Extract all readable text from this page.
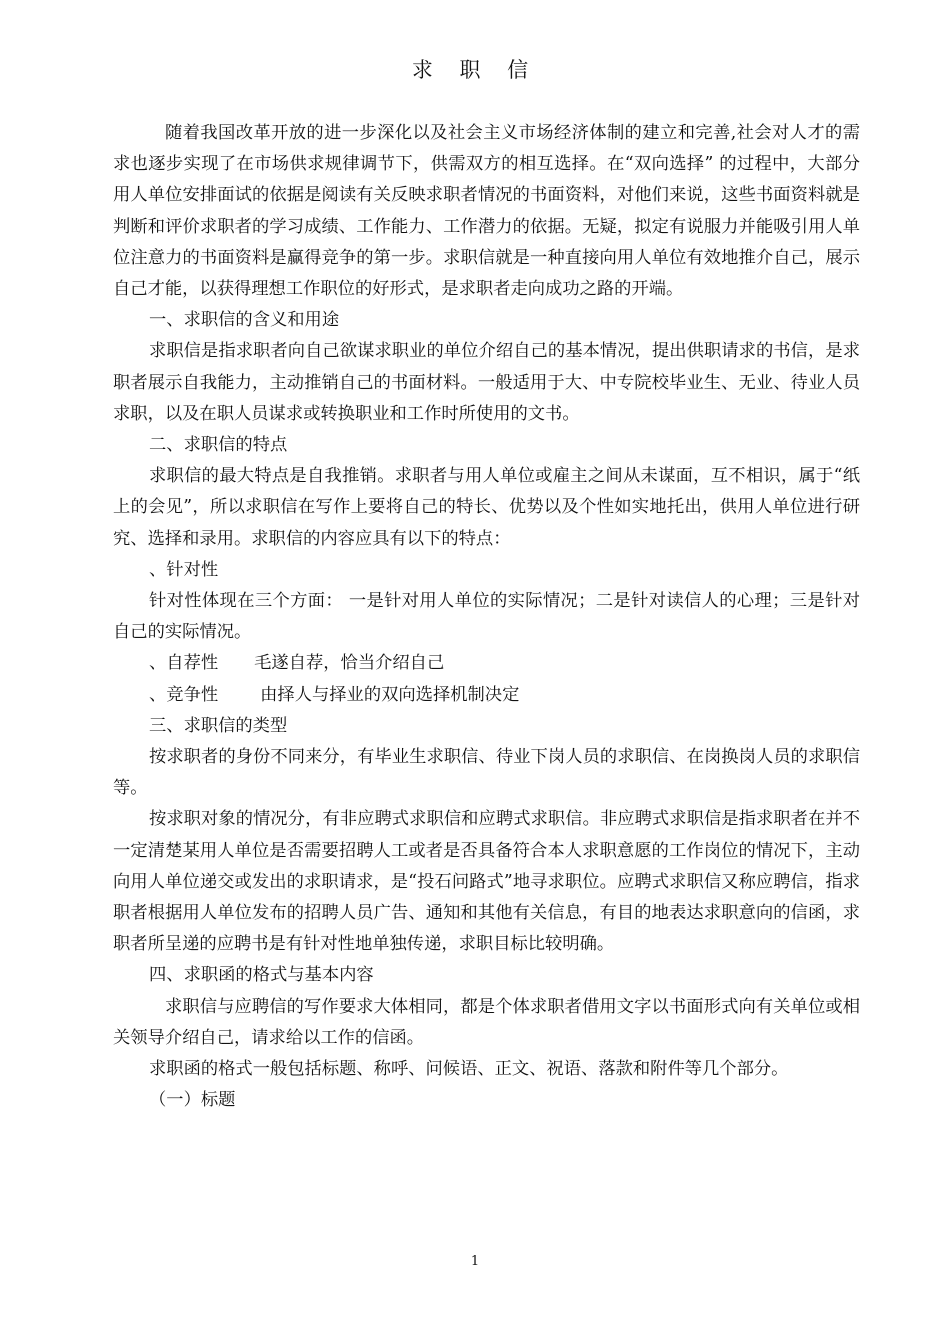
求 职 信

随着我国改革开放的进一步深化以及社会主义市场经济体制的建立和完善,社会对人才的需求也逐步实现了在市场供求规律调节下，供需双方的相互选择。在“双向选择” 的过程中，大部分用人单位安排面试的依据是阅读有关反映求职者情况的书面资料，对他们来说，这些书面资料就是判断和评价求职者的学习成绩、工作能力、工作潜力的依据。无疑，拟定有说服力并能吸引用人单位注意力的书面资料是赢得竞争的第一步。求职信就是一种直接向用人单位有效地推介自己，展示自己才能，以获得理想工作职位的好形式，是求职者走向成功之路的开端。

一、求职信的含义和用途

求职信是指求职者向自己欲谋求职业的单位介绍自己的基本情况，提出供职请求的书信，是求职者展示自我能力，主动推销自己的书面材料。一般适用于大、中专院校毕业生、无业、待业人员求职，以及在职人员谋求或转换职业和工作时所使用的文书。

二、求职信的特点

求职信的最大特点是自我推销。求职者与用人单位或雇主之间从未谋面，互不相识，属于“纸上的会见”，所以求职信在写作上要将自己的特长、优势以及个性如实地托出，供用人单位进行研究、选择和录用。求职信的内容应具有以下的特点：

、针对性

针对性体现在三个方面： 一是针对用人单位的实际情况；二是针对读信人的心理；三是针对自己的实际情况。

、自荐性 毛遂自荐，恰当介绍自己

、竞争性 由择人与择业的双向选择机制决定

三、求职信的类型

按求职者的身份不同来分，有毕业生求职信、待业下岗人员的求职信、在岗换岗人员的求职信等。

按求职对象的情况分，有非应聘式求职信和应聘式求职信。非应聘式求职信是指求职者在并不一定清楚某用人单位是否需要招聘人工或者是否具备符合本人求职意愿的工作岗位的情况下，主动向用人单位递交或发出的求职请求，是“投石问路式”地寻求职位。应聘式求职信又称应聘信，指求职者根据用人单位发布的招聘人员广告、通知和其他有关信息，有目的地表达求职意向的信函，求职者所呈递的应聘书是有针对性地单独传递，求职目标比较明确。

四、求职函的格式与基本内容

求职信与应聘信的写作要求大体相同，都是个体求职者借用文字以书面形式向有关单位或相关领导介绍自己，请求给以工作的信函。

求职函的格式一般包括标题、称呼、问候语、正文、祝语、落款和附件等几个部分。

（一）标题

1
